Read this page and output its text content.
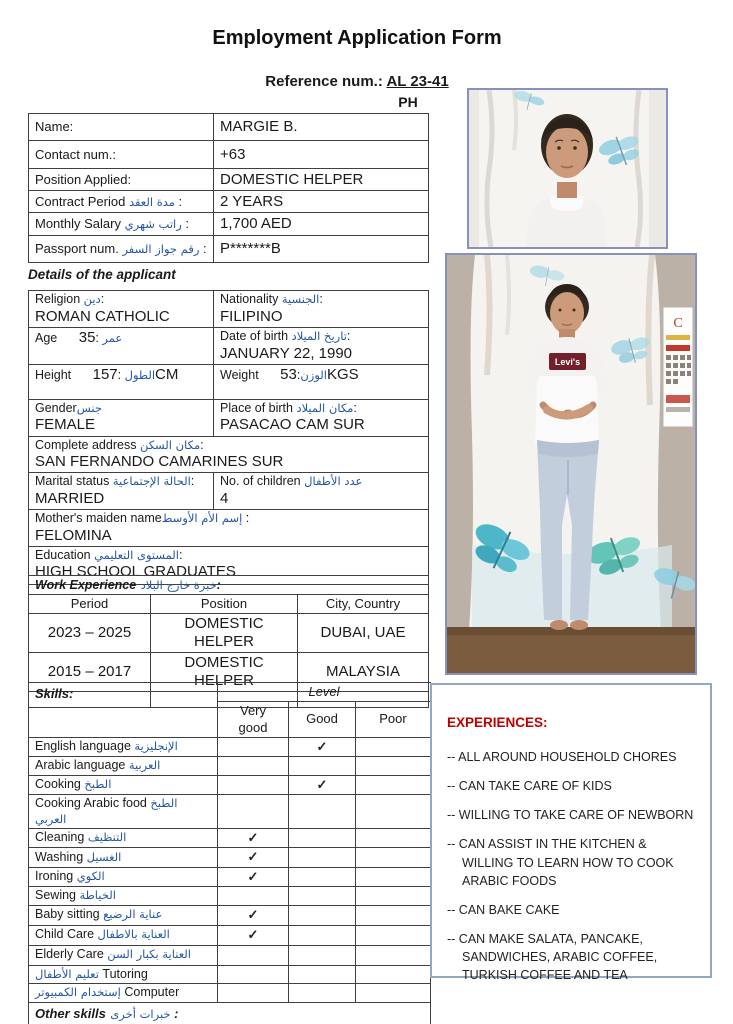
Employment Application Form
Reference num.: AL 23-41
PH
Name:	MARGIE B.
Contact num.:	+63
Position Applied:	DOMESTIC HELPER
Contract Period مدة العقد :	2 YEARS
Monthly Salary راتب شهري :	1,700 AED
Passport num. رقم جواز السفر :	P*******B
Details of the applicant
Religion دين:
ROMAN CATHOLIC

Nationality الجنسية:
FILIPINO

Age عمر :35	Date of birth تاريخ الميلاد:
JANUARY 22, 1990

Height الطول :157CM	Weight الوزن:53KGS

Genderجنس
FEMALE

Place of birth مكان الميلاد:
PASACAO CAM SUR

Complete address مكان السكن:
SAN FERNANDO CAMARINES SUR	

Marital status الحالة الإجتماعية:
MARRIED

No. of children عدد الأطفال
4

Mother's maiden nameإسم الأم الأوسط :
FELOMINA	

Education المستوى التعليمي:
HIGH SCHOOL GRADUATES	
Work Experience خبرة خارج البلاد:		
Period	Position	City, Country
2023 – 2025	DOMESTIC HELPER	DUBAI, UAE
2015 – 2017	DOMESTIC HELPER	MALAYSIA

Skills:	Level		
	Very good	Good	Poor
English language الإنجليزية		✓	
Arabic language العربية			
Cooking الطبخ		✓	
Cooking Arabic food الطبخ العربي			
Cleaning التنظيف	✓		
Washing الغسيل	✓		
Ironing الكوي	✓		
Sewing الخياطة			
Baby sitting عناية الرضيع	✓		
Child Care العناية بالاطفال	✓		
Elderly Care العناية بكبار السن			
تعليم الأطفال Tutoring			
إستخدام الكمبيوتر Computer			
Other skills خبرات أخرى :			
C
Levi's
EXPERIENCES:
-- ALL AROUND HOUSEHOLD CHORES
-- CAN TAKE CARE OF KIDS
-- WILLING TO TAKE CARE OF NEWBORN
-- CAN ASSIST IN THE KITCHEN & WILLING TO LEARN HOW TO COOK ARABIC FOODS
-- CAN BAKE CAKE
-- CAN MAKE SALATA, PANCAKE, SANDWICHES, ARABIC COFFEE, TURKISH COFFEE AND TEA
